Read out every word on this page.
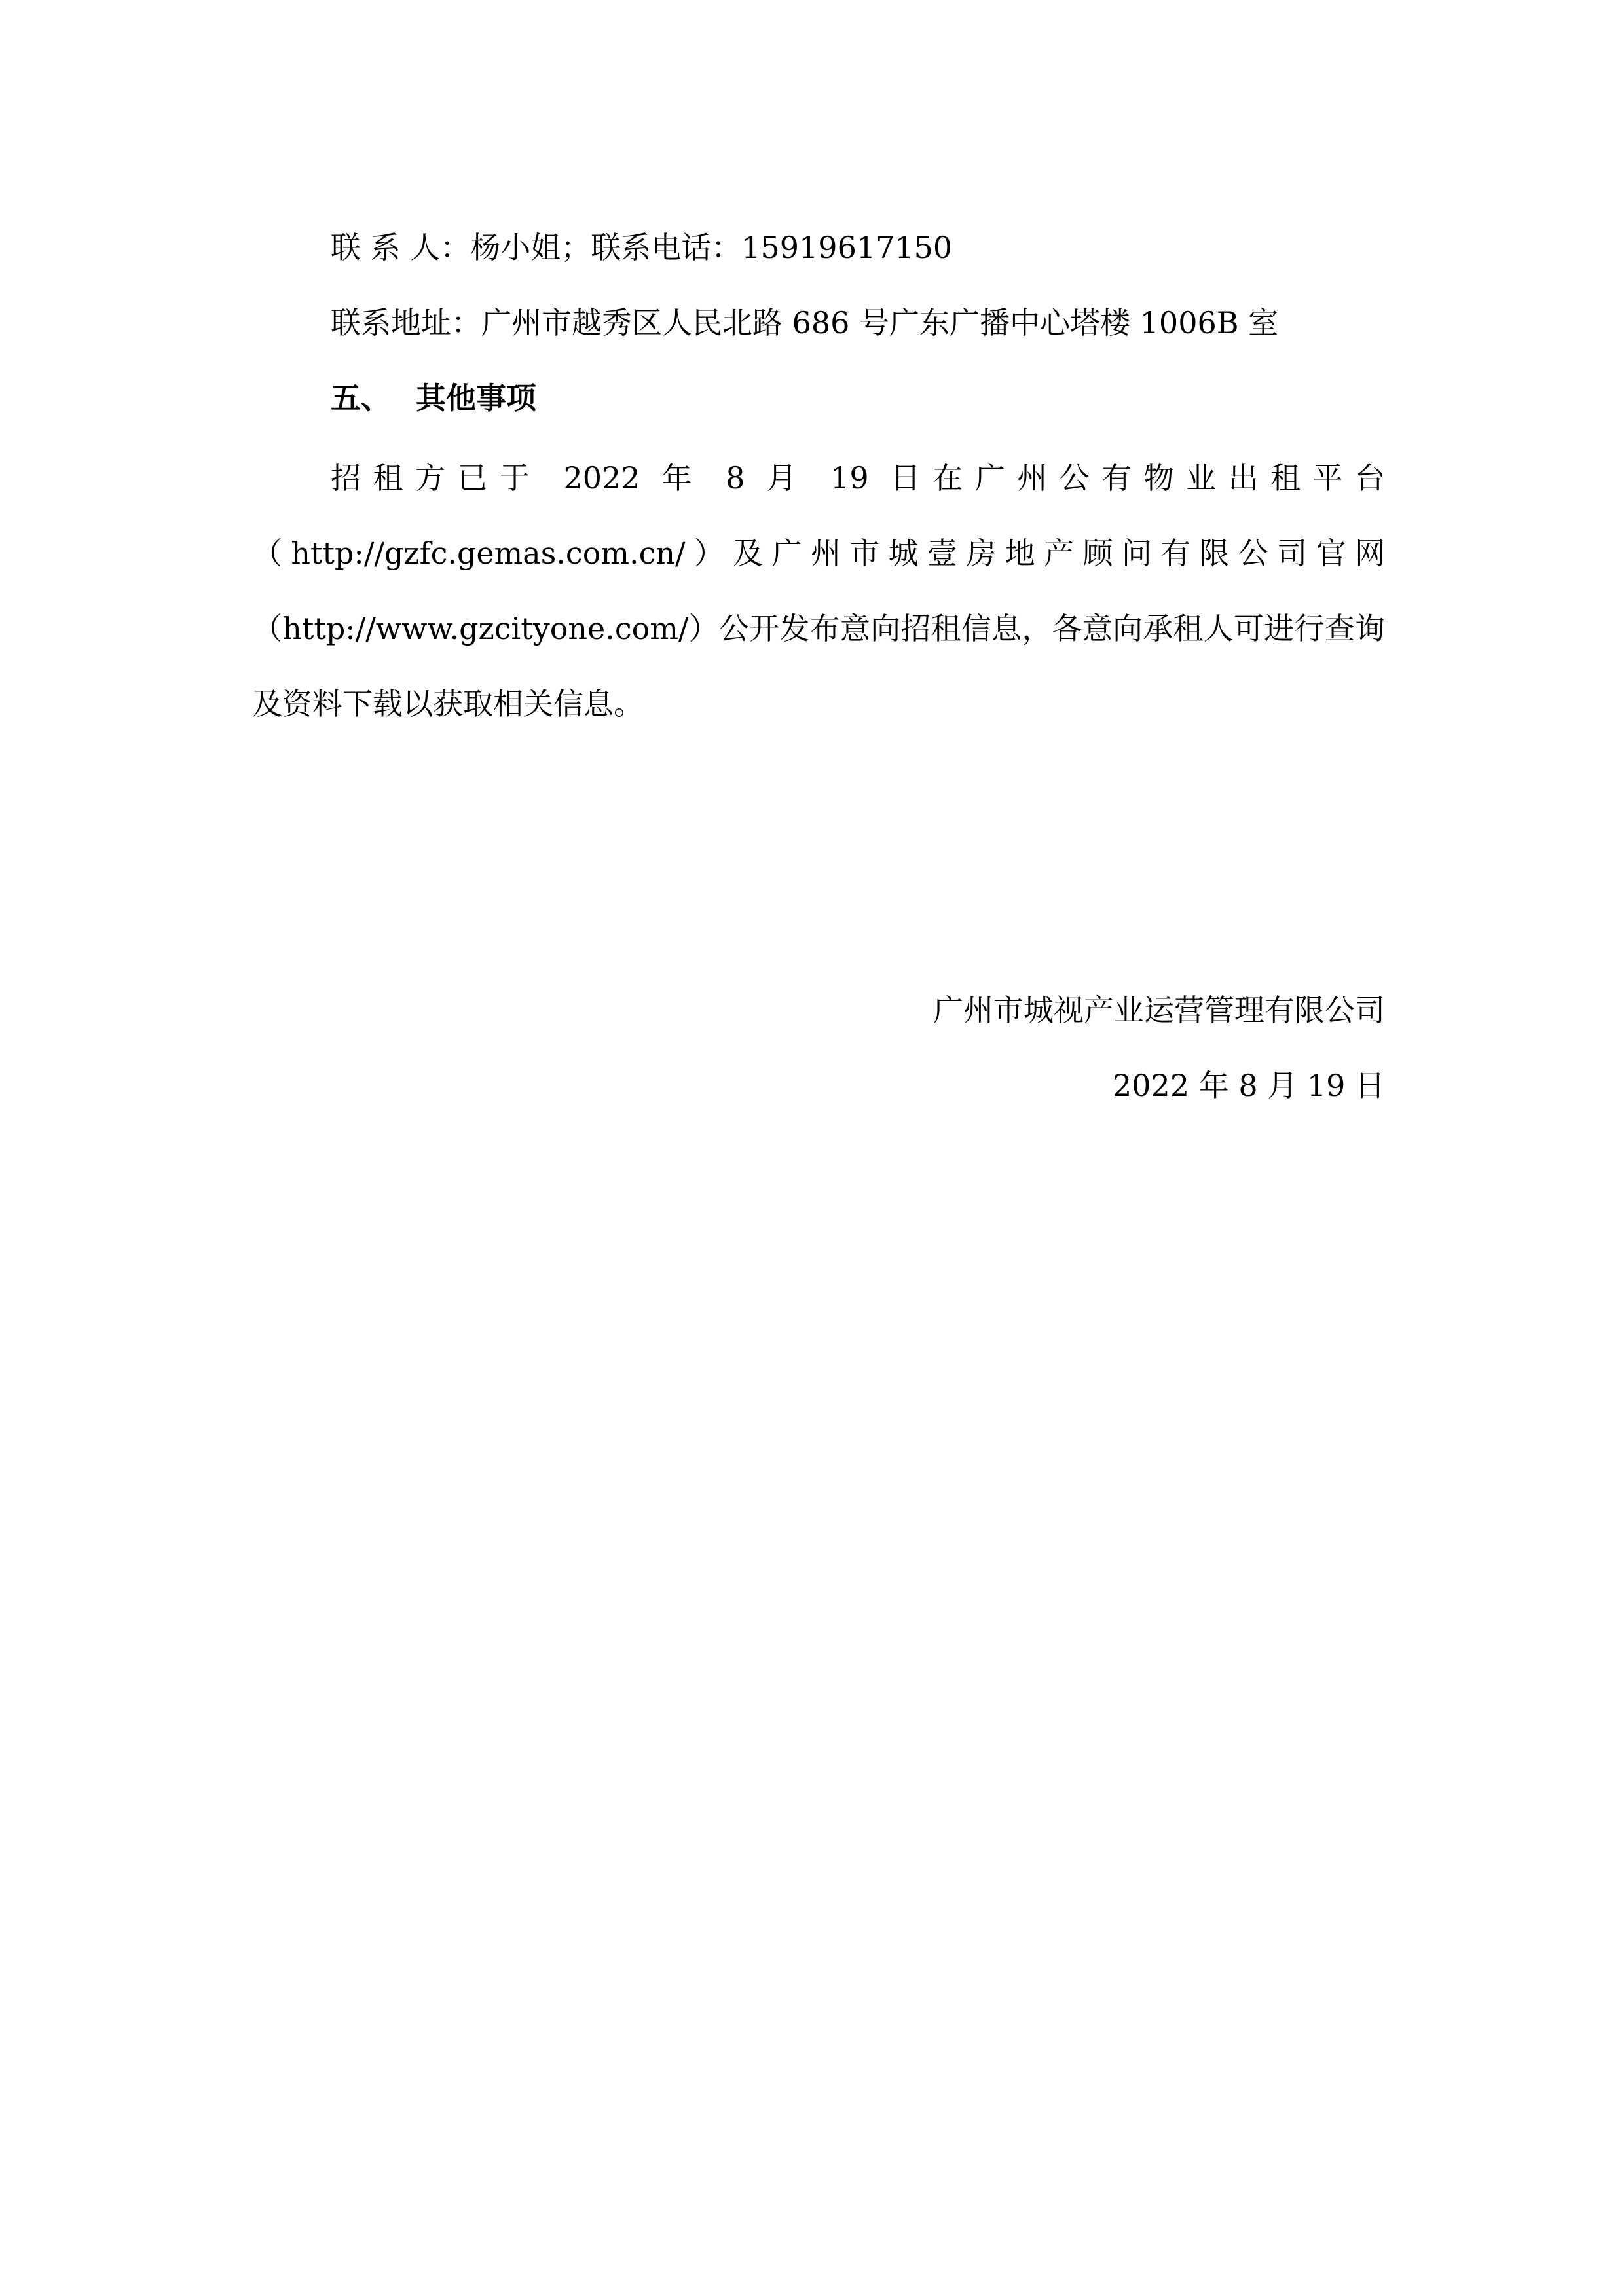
联 系 人：杨小姐；联系电话：15919617150
联系地址：广州市越秀区人民北路 686 号广东广播中心塔楼 1006B 室
五、 其他事项
招租方已于 2022 年 8 月 19 日在广州公有物业出租平台（http://gzfc.gemas.com.cn/）及广州市城壹房地产顾问有限公司官网（http://www.gzcityone.com/）公开发布意向招租信息，各意向承租人可进行查询及资料下载以获取相关信息。
广州市城视产业运营管理有限公司
2022 年 8 月 19 日
